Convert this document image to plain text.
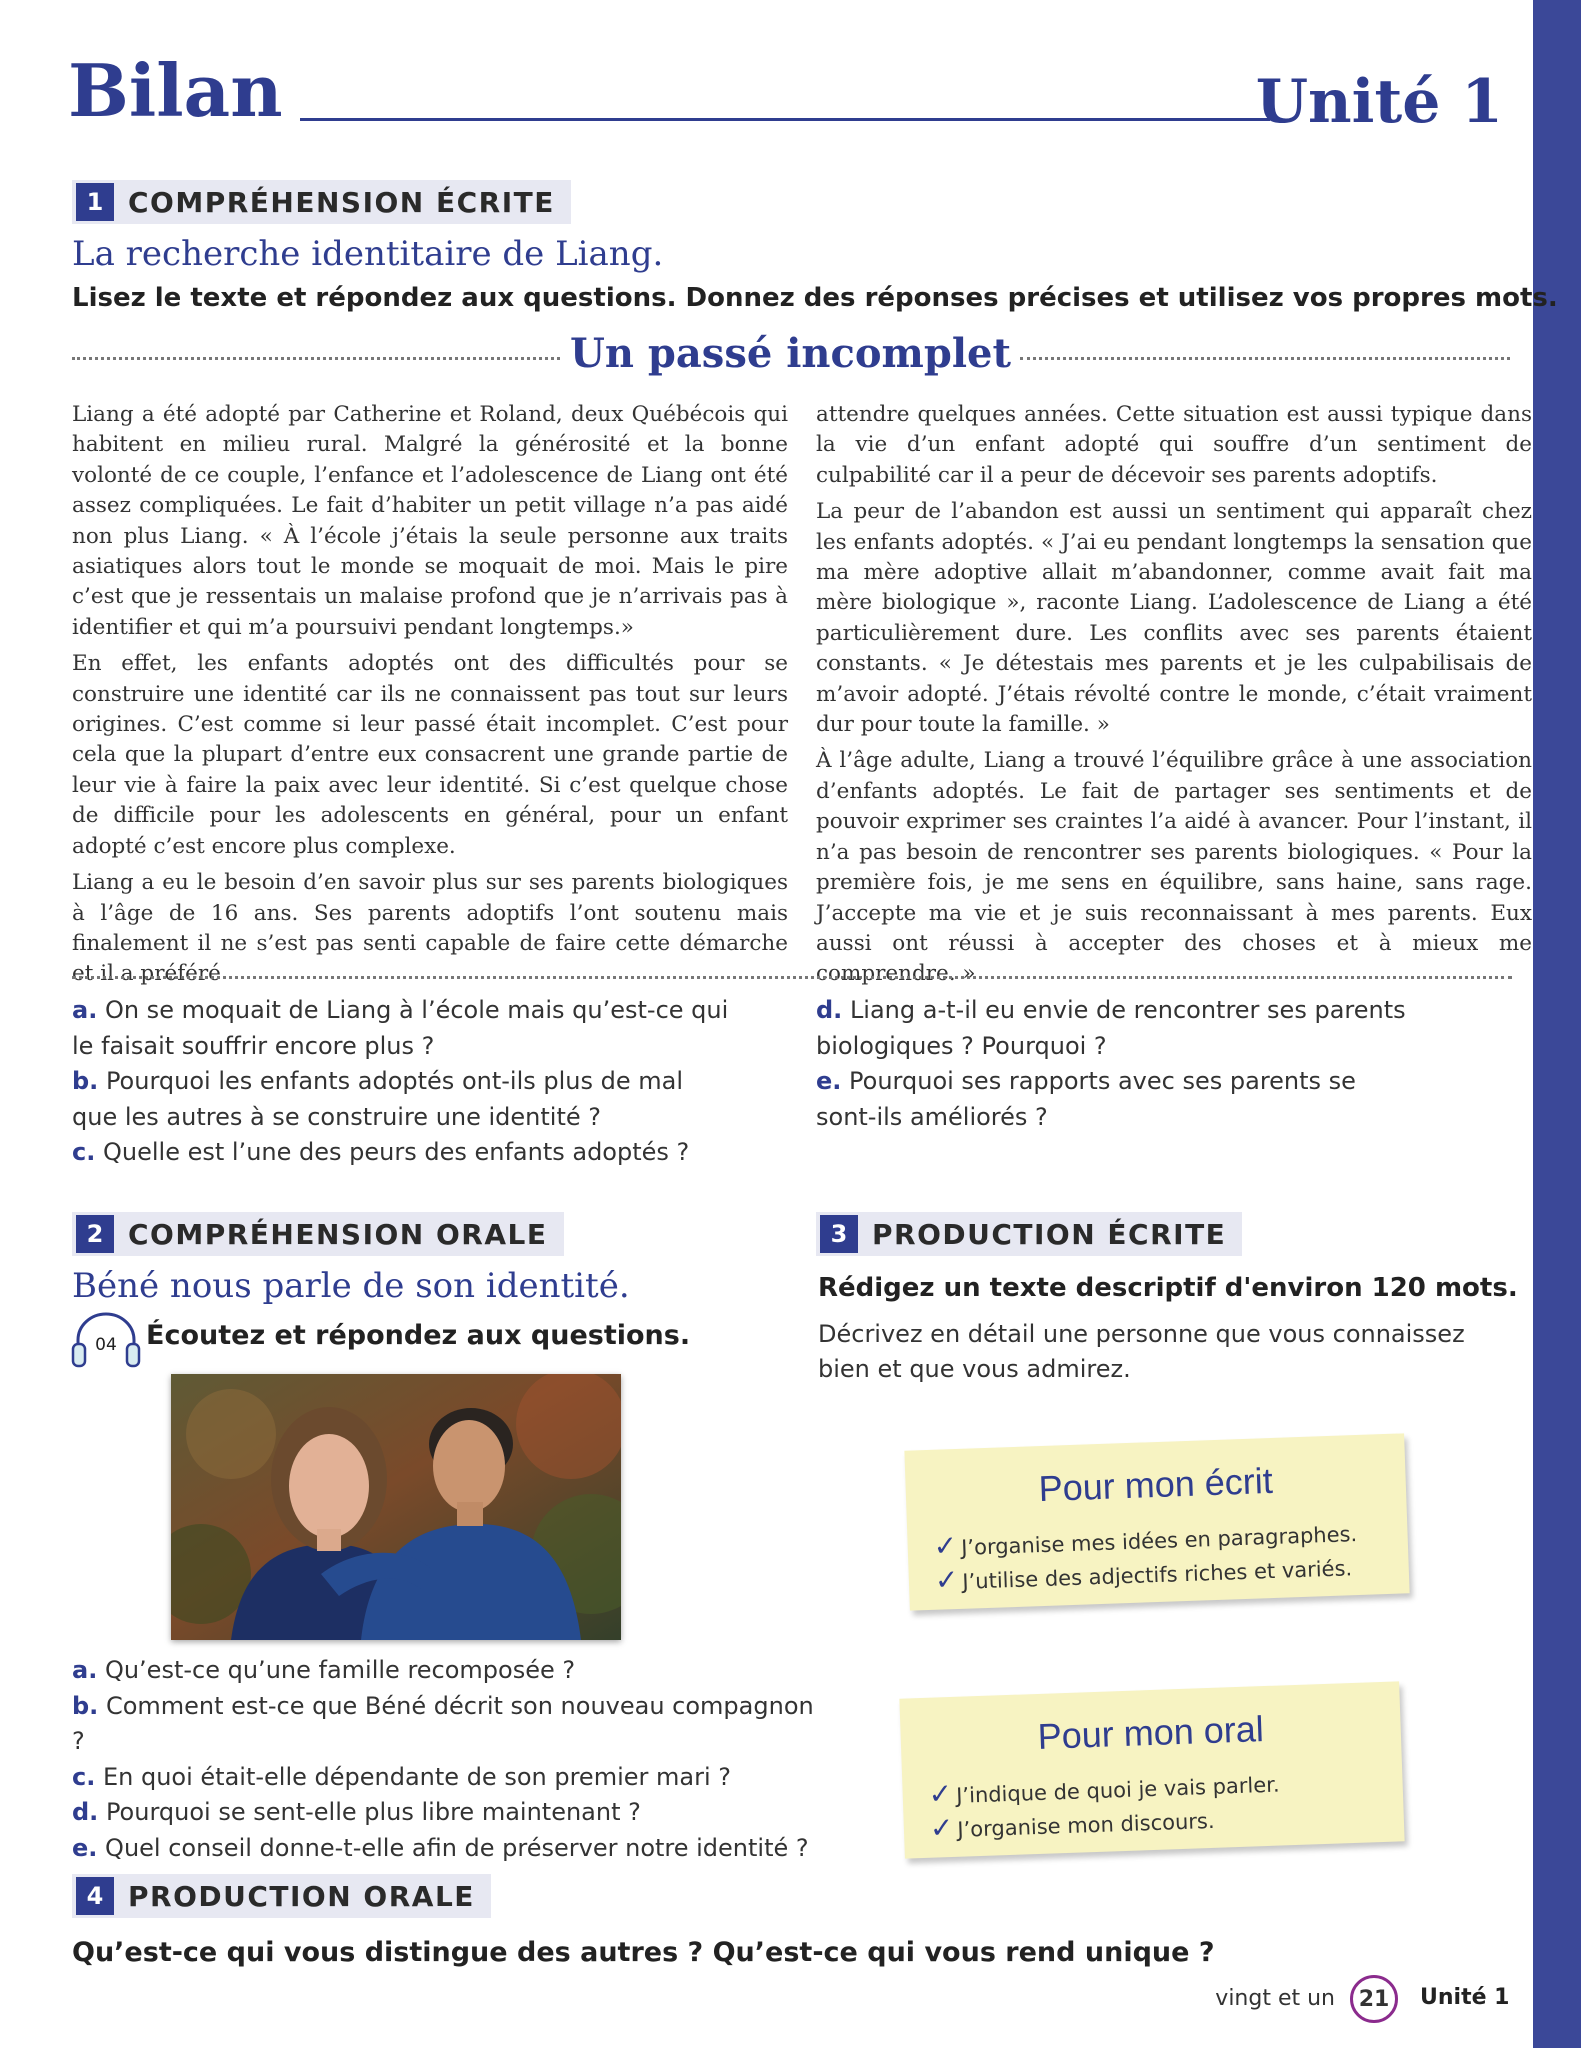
Bilan	Unité 1
1 COMPRÉHENSION ÉCRITE
La recherche identitaire de Liang.
Lisez le texte et répondez aux questions. Donnez des réponses précises et utilisez vos propres mots.
Un passé incomplet

Liang a été adopté par Catherine et Roland, deux Québécois qui habitent en milieu rural. Malgré la générosité et la bonne volonté de ce couple, l’enfance et l’adolescence de Liang ont été assez compliquées. Le fait d’habiter un petit village n’a pas aidé non plus Liang. « À l’école j’étais la seule personne aux traits asiatiques alors tout le monde se moquait de moi. Mais le pire c’est que je ressentais un malaise profond que je n’arrivais pas à identifier et qui m’a poursuivi pendant longtemps.»

En effet, les enfants adoptés ont des difficultés pour se construire une identité car ils ne connaissent pas tout sur leurs origines. C’est comme si leur passé était incomplet. C’est pour cela que la plupart d’entre eux consacrent une grande partie de leur vie à faire la paix avec leur identité. Si c’est quelque chose de difficile pour les adolescents en général, pour un enfant adopté c’est encore plus complexe.

Liang a eu le besoin d’en savoir plus sur ses parents biologiques à l’âge de 16 ans. Ses parents adoptifs l’ont soutenu mais finalement il ne s’est pas senti capable de faire cette démarche et il a préféré

attendre quelques années. Cette situation est aussi typique dans la vie d’un enfant adopté qui souffre d’un sentiment de culpabilité car il a peur de décevoir ses parents adoptifs.

La peur de l’abandon est aussi un sentiment qui apparaît chez les enfants adoptés. « J’ai eu pendant longtemps la sensation que ma mère adoptive allait m’abandonner, comme avait fait ma mère biologique », raconte Liang. L’adolescence de Liang a été particulièrement dure. Les conflits avec ses parents étaient constants. « Je détestais mes parents et je les culpabilisais de m’avoir adopté. J’étais révolté contre le monde, c’était vraiment dur pour toute la famille. »

À l’âge adulte, Liang a trouvé l’équilibre grâce à une association d’enfants adoptés. Le fait de partager ses sentiments et de pouvoir exprimer ses craintes l’a aidé à avancer. Pour l’instant, il n’a pas besoin de rencontrer ses parents biologiques. « Pour la première fois, je me sens en équilibre, sans haine, sans rage. J’accepte ma vie et je suis reconnaissant à mes parents. Eux aussi ont réussi à accepter des choses et à mieux me comprendre. »

a. On se moquait de Liang à l’école mais qu’est-ce qui le faisait souffrir encore plus ?

b. Pourquoi les enfants adoptés ont-ils plus de mal que les autres à se construire une identité ?

c. Quelle est l’une des peurs des enfants adoptés ?

d. Liang a-t-il eu envie de rencontrer ses parents biologiques ? Pourquoi ?

e. Pourquoi ses rapports avec ses parents se sont-ils améliorés ?

2 COMPRÉHENSION ORALE
Béné nous parle de son identité.
04 Écoutez et répondez aux questions.

a. Qu’est-ce qu’une famille recomposée ?

b. Comment est-ce que Béné décrit son nouveau compagnon ?

c. En quoi était-elle dépendante de son premier mari ?

d. Pourquoi se sent-elle plus libre maintenant ?

e. Quel conseil donne-t-elle afin de préserver notre identité ?

3 PRODUCTION ÉCRITE
Rédigez un texte descriptif d'environ 120 mots.
Décrivez en détail une personne que vous connaissez bien et que vous admirez.
Pour mon écrit
✓ J’organise mes idées en paragraphes.
✓ J’utilise des adjectifs riches et variés.
Pour mon oral
✓ J’indique de quoi je vais parler.
✓ J’organise mon discours.
4 PRODUCTION ORALE
Qu’est-ce qui vous distingue des autres ? Qu’est-ce qui vous rend unique ?
vingt et un	21	Unité 1
